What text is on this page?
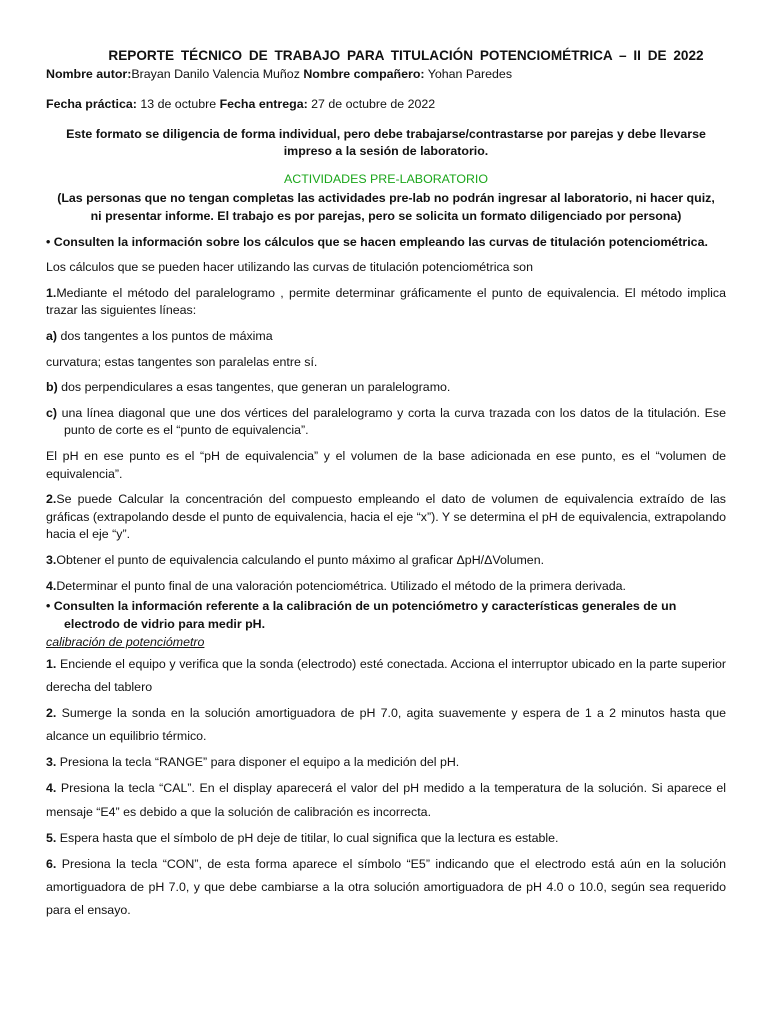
REPORTE TÉCNICO DE TRABAJO PARA TITULACIÓN POTENCIOMÉTRICA – II DE 2022

Nombre autor:Brayan Danilo Valencia Muñoz Nombre compañero: Yohan Paredes

Fecha práctica: 13 de octubre Fecha entrega: 27 de octubre de 2022

Este formato se diligencia de forma individual, pero debe trabajarse/contrastarse por parejas y debe llevarse impreso a la sesión de laboratorio.

ACTIVIDADES PRE-LABORATORIO

(Las personas que no tengan completas las actividades pre-lab no podrán ingresar al laboratorio, ni hacer quiz, ni presentar informe. El trabajo es por parejas, pero se solicita un formato diligenciado por persona)

• Consulten la información sobre los cálculos que se hacen empleando las curvas de titulación potenciométrica.

Los cálculos que se pueden hacer utilizando las curvas de titulación potenciométrica son

1.Mediante el método del paralelogramo , permite determinar gráficamente el punto de equivalencia. El método implica trazar las siguientes líneas:

a) dos tangentes a los puntos de máxima

curvatura; estas tangentes son paralelas entre sí.

b) dos perpendiculares a esas tangentes, que generan un paralelogramo.

c) una línea diagonal que une dos vértices del paralelogramo y corta la curva trazada con los datos de la titulación. Ese punto de corte es el “punto de equivalencia”.

El pH en ese punto es el “pH de equivalencia” y el volumen de la base adicionada en ese punto, es el “volumen de equivalencia”.

2.Se puede Calcular la concentración del compuesto empleando el dato de volumen de equivalencia extraído de las gráficas (extrapolando desde el punto de equivalencia, hacia el eje “x”). Y se determina el pH de equivalencia, extrapolando hacia el eje “y”.

3.Obtener el punto de equivalencia calculando el punto máximo al graficar ΔpH/ΔVolumen.

4.Determinar el punto final de una valoración potenciométrica. Utilizado el método de la primera derivada.

• Consulten la información referente a la calibración de un potenciómetro y características generales de un electrodo de vidrio para medir pH.

calibración de potenciómetro

1. Enciende el equipo y verifica que la sonda (electrodo) esté conectada. Acciona el interruptor ubicado en la parte superior derecha del tablero

2. Sumerge la sonda en la solución amortiguadora de pH 7.0, agita suavemente y espera de 1 a 2 minutos hasta que alcance un equilibrio térmico.

3. Presiona la tecla “RANGE” para disponer el equipo a la medición del pH.

4. Presiona la tecla “CAL”. En el display aparecerá el valor del pH medido a la temperatura de la solución. Si aparece el mensaje “E4” es debido a que la solución de calibración es incorrecta.

5. Espera hasta que el símbolo de pH deje de titilar, lo cual significa que la lectura es estable.

6. Presiona la tecla “CON”, de esta forma aparece el símbolo “E5” indicando que el electrodo está aún en la solución amortiguadora de pH 7.0, y que debe cambiarse a la otra solución amortiguadora de pH 4.0 o 10.0, según sea requerido para el ensayo.
